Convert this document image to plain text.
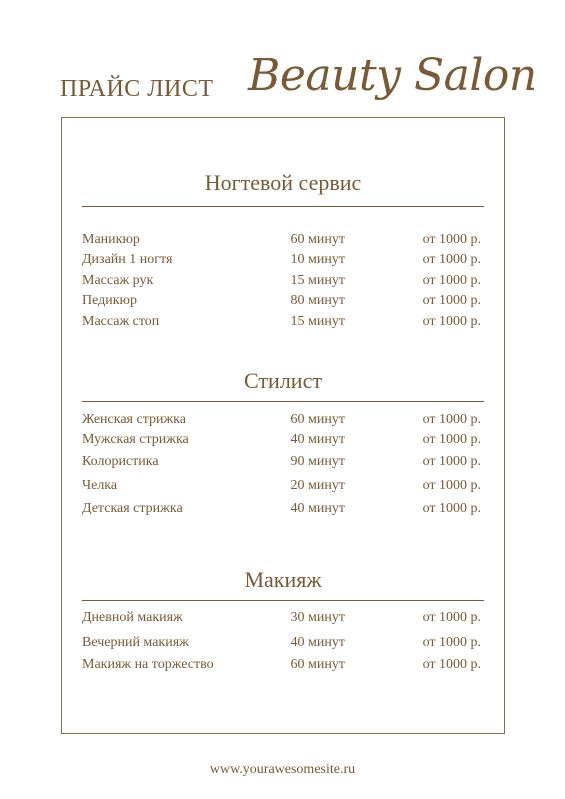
ПРАЙС ЛИСТ Beauty Salon
Ногтевой сервис
Маникюр	60 минут	от 1000 р.
Дизайн 1 ногтя	10 минут	от 1000 р.
Массаж рук	15 минут	от 1000 р.
Педикюр	80 минут	от 1000 р.
Массаж стоп	15 минут	от 1000 р.
Стилист
Женская стрижка	60 минут	от 1000 р.
Мужская стрижка	40 минут	от 1000 р.
Колористика	90 минут	от 1000 р.
Челка	20 минут	от 1000 р.
Детская стрижка	40 минут	от 1000 р.
Макияж
Дневной макияж	30 минут	от 1000 р.
Вечерний макияж	40 минут	от 1000 р.
Макияж на торжество	60 минут	от 1000 р.
www.yourawesomesite.ru
